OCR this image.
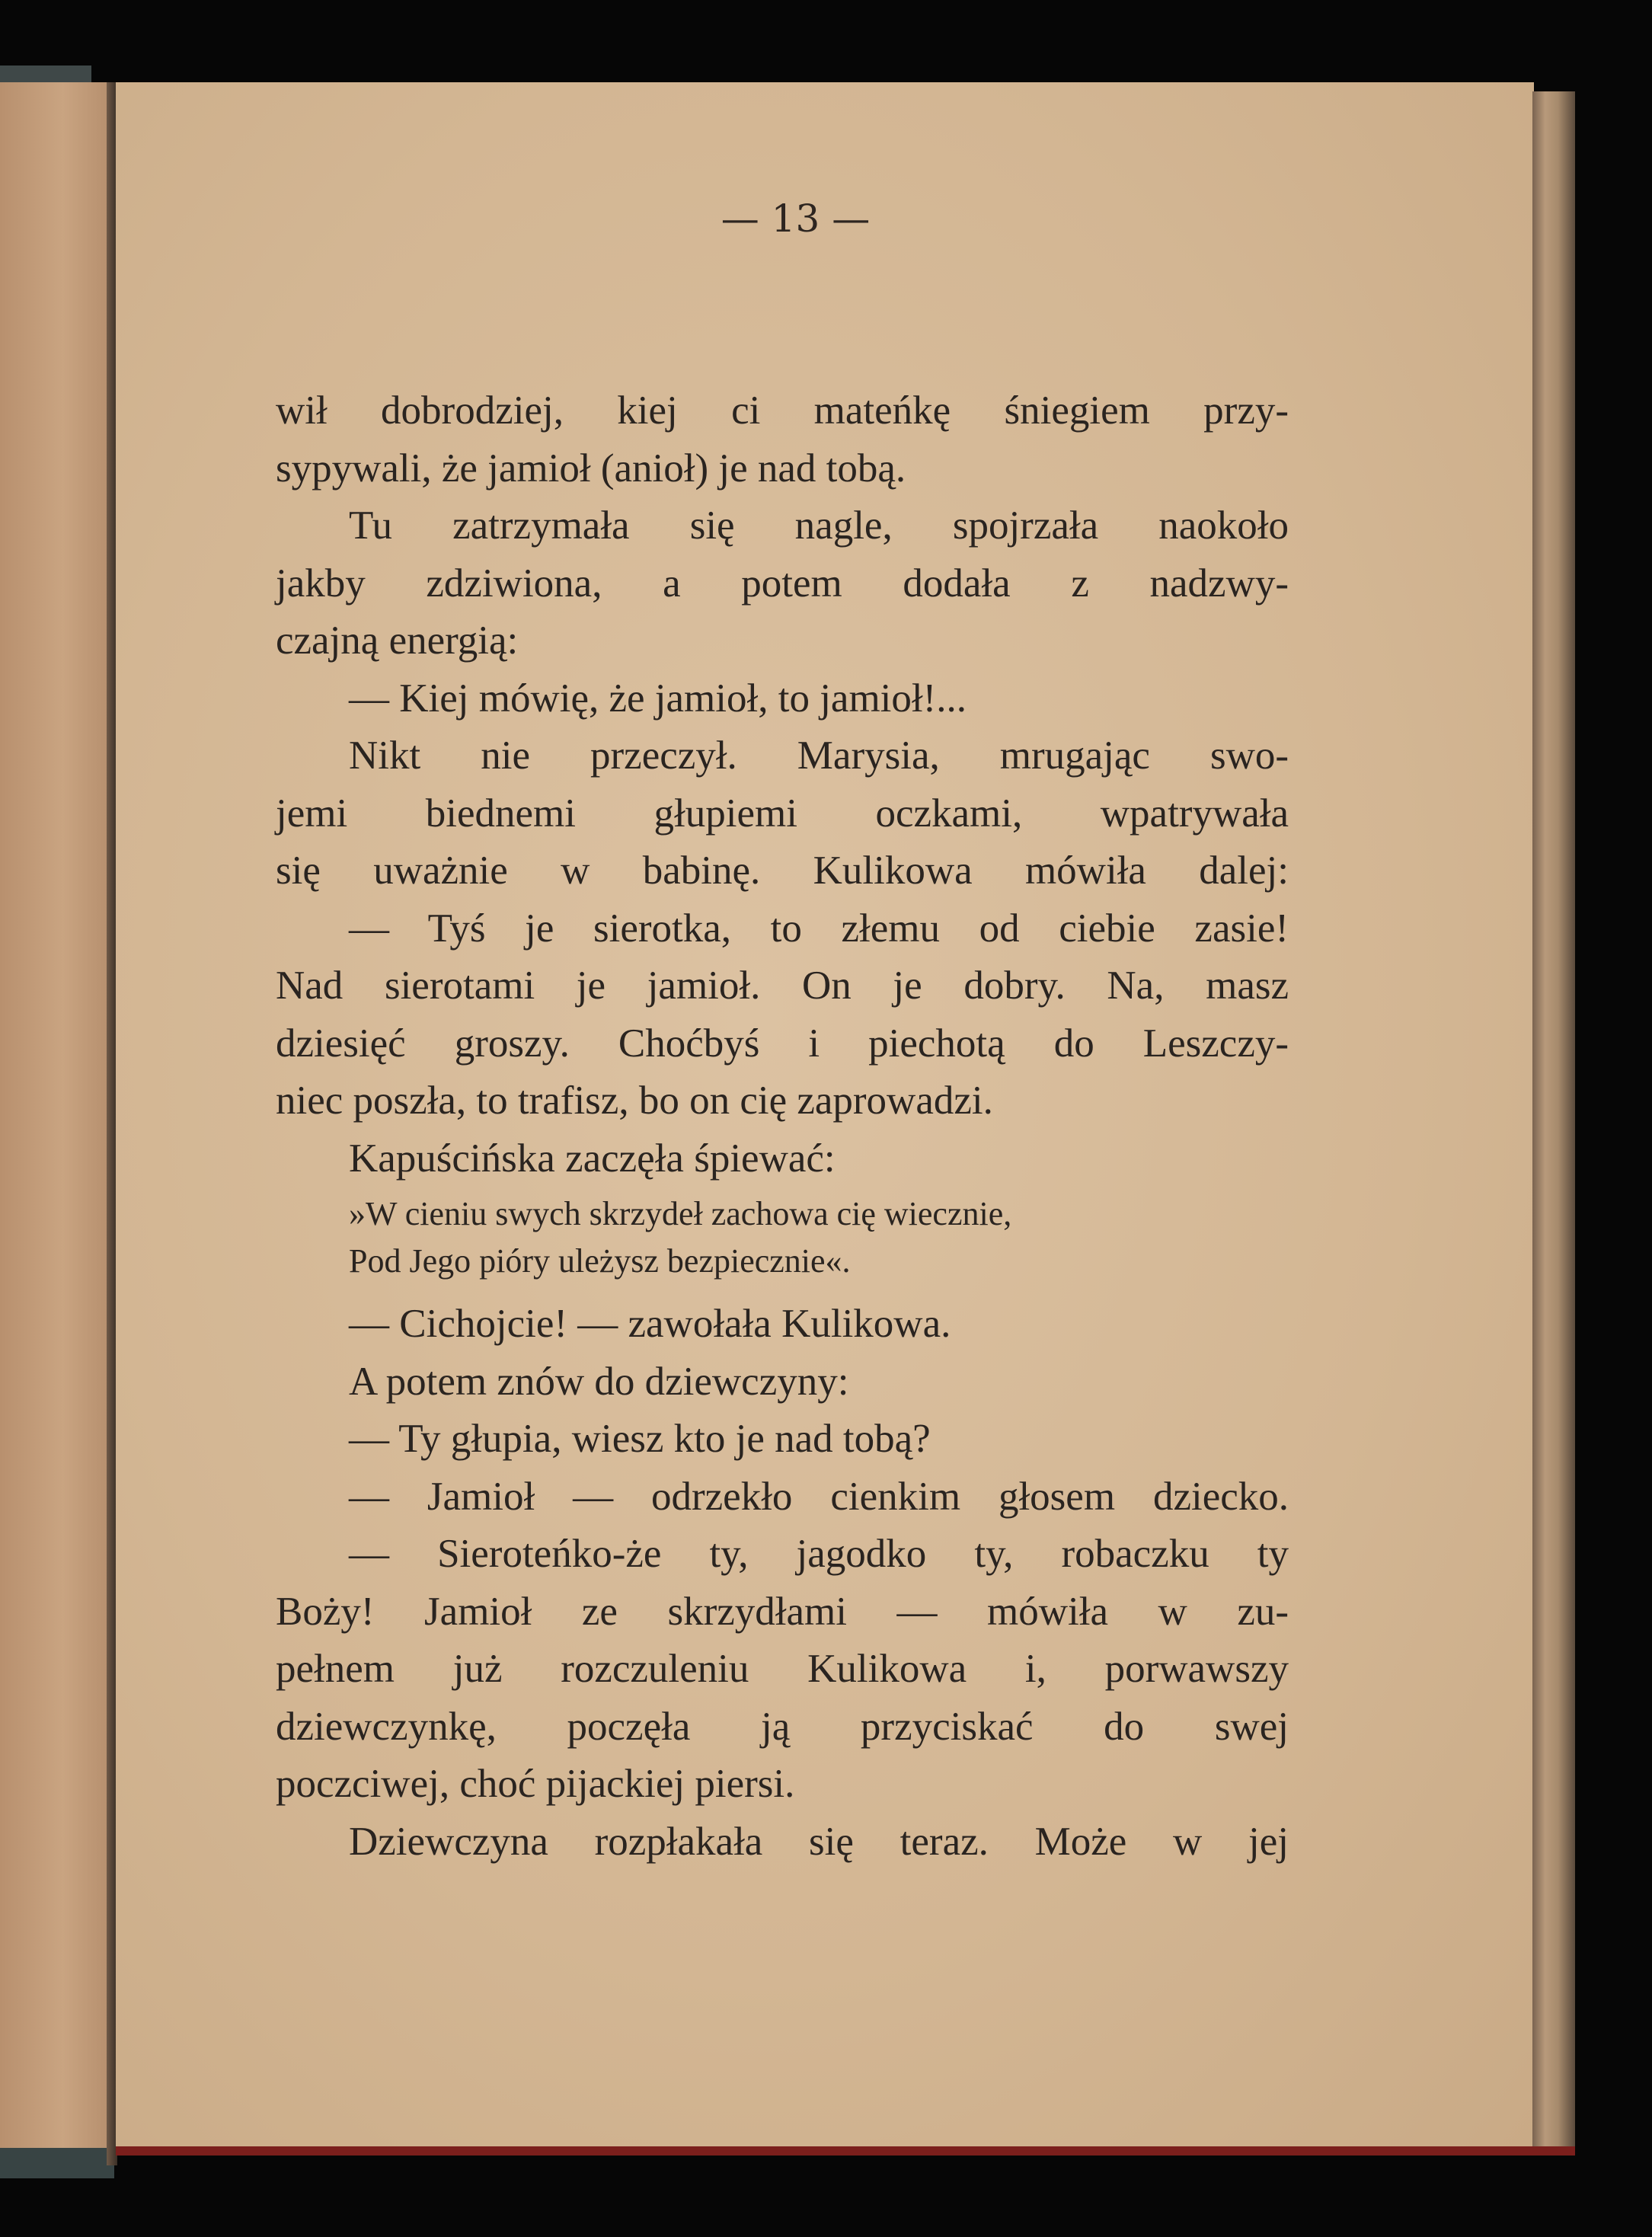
— 13 —
wił dobrodziej, kiej ci mateńkę śniegiem przy-
sypywali, że jamioł (anioł) je nad tobą.
Tu zatrzymała się nagle, spojrzała naokoło
jakby zdziwiona, a potem dodała z nadzwy-
czajną energią:
— Kiej mówię, że jamioł, to jamioł!...
Nikt nie przeczył. Marysia, mrugając swo-
jemi biednemi głupiemi oczkami, wpatrywała
się uważnie w babinę. Kulikowa mówiła dalej:
— Tyś je sierotka, to złemu od ciebie zasie!
Nad sierotami je jamioł. On je dobry. Na, masz
dziesięć groszy. Choćbyś i piechotą do Leszczy-
niec poszła, to trafisz, bo on cię zaprowadzi.
Kapuścińska zaczęła śpiewać:
»W cieniu swych skrzydeł zachowa cię wiecznie,
Pod Jego pióry uleżysz bezpiecznie«.
— Cichojcie! — zawołała Kulikowa.
A potem znów do dziewczyny:
— Ty głupia, wiesz kto je nad tobą?
— Jamioł — odrzekło cienkim głosem dziecko.
— Sieroteńko-że ty, jagodko ty, robaczku ty
Boży! Jamioł ze skrzydłami — mówiła w zu-
pełnem już rozczuleniu Kulikowa i, porwawszy
dziewczynkę, poczęła ją przyciskać do swej
poczciwej, choć pijackiej piersi.
Dziewczyna rozpłakała się teraz. Może w jej
